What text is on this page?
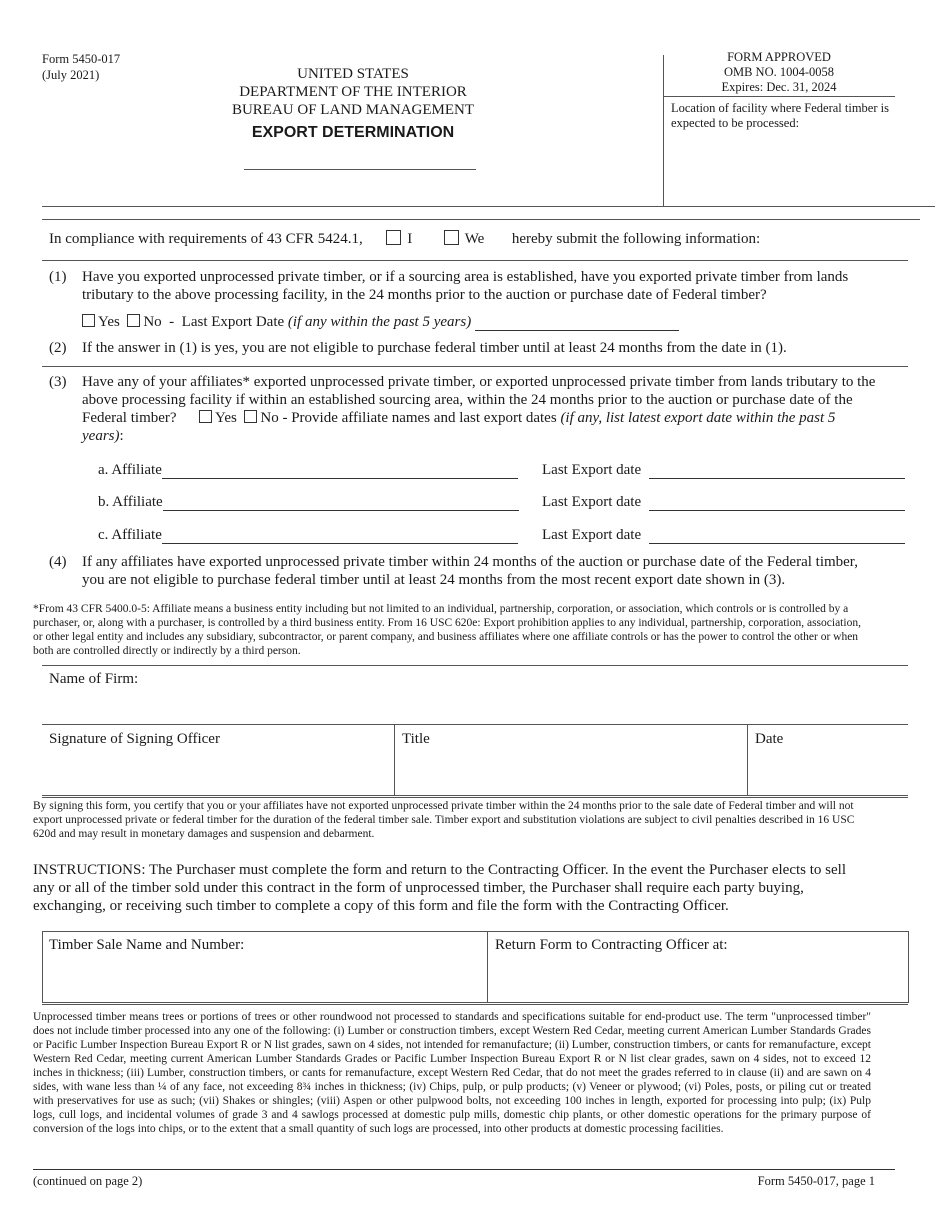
Form 5450-017
(July 2021)	UNITED STATES
DEPARTMENT OF THE INTERIOR
BUREAU OF LAND MANAGEMENT
EXPORT DETERMINATION
FORM APPROVED
OMB NO. 1004-0058
Expires: Dec. 31, 2024
Location of facility where Federal timber is expected to be processed:
In compliance with requirements of 43 CFR 5424.1,	I	We hereby submit the following information:
(1) Have you exported unprocessed private timber, or if a sourcing area is established, have you exported private timber from lands tributary to the above processing facility, in the 24 months prior to the auction or purchase date of Federal timber?
Yes No - Last Export Date (if any within the past 5 years)
(2) If the answer in (1) is yes, you are not eligible to purchase federal timber until at least 24 months from the date in (1).
(3) Have any of your affiliates* exported unprocessed private timber, or exported unprocessed private timber from lands tributary to the above processing facility if within an established sourcing area, within the 24 months prior to the auction or purchase date of the Federal timber?	Yes No - Provide affiliate names and last export dates (if any, list latest export date within the past 5 years):
a. Affiliate	Last Export date
b. Affiliate	Last Export date
c. Affiliate	Last Export date
(4) If any affiliates have exported unprocessed private timber within 24 months of the auction or purchase date of the Federal timber, you are not eligible to purchase federal timber until at least 24 months from the most recent export date shown in (3).
*From 43 CFR 5400.0-5: Affiliate means a business entity including but not limited to an individual, partnership, corporation, or association, which controls or is controlled by a purchaser, or, along with a purchaser, is controlled by a third business entity. From 16 USC 620e: Export prohibition applies to any individual, partnership, corporation, association, or other legal entity and includes any subsidiary, subcontractor, or parent company, and business affiliates where one affiliate controls or has the power to control the other or when both are controlled directly or indirectly by a third person.
Name of Firm:
Signature of Signing Officer	Title	Date
By signing this form, you certify that you or your affiliates have not exported unprocessed private timber within the 24 months prior to the sale date of Federal timber and will not export unprocessed private or federal timber for the duration of the federal timber sale. Timber export and substitution violations are subject to civil penalties described in 16 USC 620d and may result in monetary damages and suspension and debarment.
INSTRUCTIONS: The Purchaser must complete the form and return to the Contracting Officer. In the event the Purchaser elects to sell any or all of the timber sold under this contract in the form of unprocessed timber, the Purchaser shall require each party buying, exchanging, or receiving such timber to complete a copy of this form and file the form with the Contracting Officer.
Timber Sale Name and Number:	Return Form to Contracting Officer at:
Unprocessed timber means trees or portions of trees or other roundwood not processed to standards and specifications suitable for end-product use. The term "unprocessed timber" does not include timber processed into any one of the following: (i) Lumber or construction timbers, except Western Red Cedar, meeting current American Lumber Standards Grades or Pacific Lumber Inspection Bureau Export R or N list grades, sawn on 4 sides, not intended for remanufacture; (ii) Lumber, construction timbers, or cants for remanufacture, except Western Red Cedar, meeting current American Lumber Standards Grades or Pacific Lumber Inspection Bureau Export R or N list clear grades, sawn on 4 sides, not to exceed 12 inches in thickness; (iii) Lumber, construction timbers, or cants for remanufacture, except Western Red Cedar, that do not meet the grades referred to in clause (ii) and are sawn on 4 sides, with wane less than ¼ of any face, not exceeding 8¾ inches in thickness; (iv) Chips, pulp, or pulp products; (v) Veneer or plywood; (vi) Poles, posts, or piling cut or treated with preservatives for use as such; (vii) Shakes or shingles; (viii) Aspen or other pulpwood bolts, not exceeding 100 inches in length, exported for processing into pulp; (ix) Pulp logs, cull logs, and incidental volumes of grade 3 and 4 sawlogs processed at domestic pulp mills, domestic chip plants, or other domestic operations for the primary purpose of conversion of the logs into chips, or to the extent that a small quantity of such logs are processed, into other products at domestic processing facilities.
(continued on page 2)	Form 5450-017, page 1
